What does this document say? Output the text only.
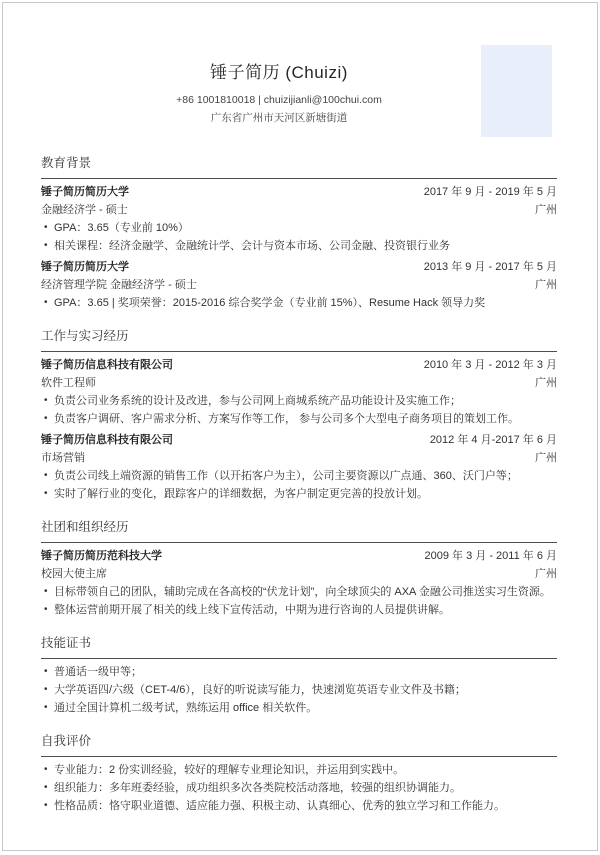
锤子简历 (Chuizi)
+86 1001810018 | chuizijianli@100chui.com
广东省广州市天河区新塘街道
教育背景
锤子简历简历大学	2017 年 9 月 - 2019 年 5 月
金融经济学 - 硕士	广州
• GPA：3.65（专业前 10%）
• 相关课程：经济金融学、金融统计学、会计与资本市场、公司金融、投资银行业务
锤子简历简历大学	2013 年 9 月 - 2017 年 5 月
经济管理学院 金融经济学 - 硕士	广州
• GPA：3.65 | 奖项荣誉：2015-2016 综合奖学金（专业前 15%）、Resume Hack 领导力奖
工作与实习经历
锤子简历信息科技有限公司	2010 年 3 月 - 2012 年 3 月
软件工程师	广州
• 负责公司业务系统的设计及改进，参与公司网上商城系统产品功能设计及实施工作；
• 负责客户调研、客户需求分析、方案写作等工作， 参与公司多个大型电子商务项目的策划工作。
锤子简历信息科技有限公司	2012 年 4 月-2017 年 6 月
市场营销	广州
• 负责公司线上端资源的销售工作（以开拓客户为主），公司主要资源以广点通、360、沃门户等；
• 实时了解行业的变化，跟踪客户的详细数据，为客户制定更完善的投放计划。
社团和组织经历
锤子简历简历范科技大学	2009 年 3 月 - 2011 年 6 月
校园大使主席	广州
• 目标带领自己的团队，辅助完成在各高校的“伏龙计划”，向全球顶尖的 AXA 金融公司推送实习生资源。
• 整体运营前期开展了相关的线上线下宣传活动，中期为进行咨询的人员提供讲解。
技能证书
• 普通话一级甲等；
• 大学英语四/六级（CET-4/6），良好的听说读写能力，快速浏览英语专业文件及书籍；
• 通过全国计算机二级考试，熟练运用 office 相关软件。
自我评价
• 专业能力：2 份实训经验，较好的理解专业理论知识，并运用到实践中。
• 组织能力：多年班委经验，成功组织多次各类院校活动落地，较强的组织协调能力。
• 性格品质：恪守职业道德、适应能力强、积极主动、认真细心、优秀的独立学习和工作能力。
